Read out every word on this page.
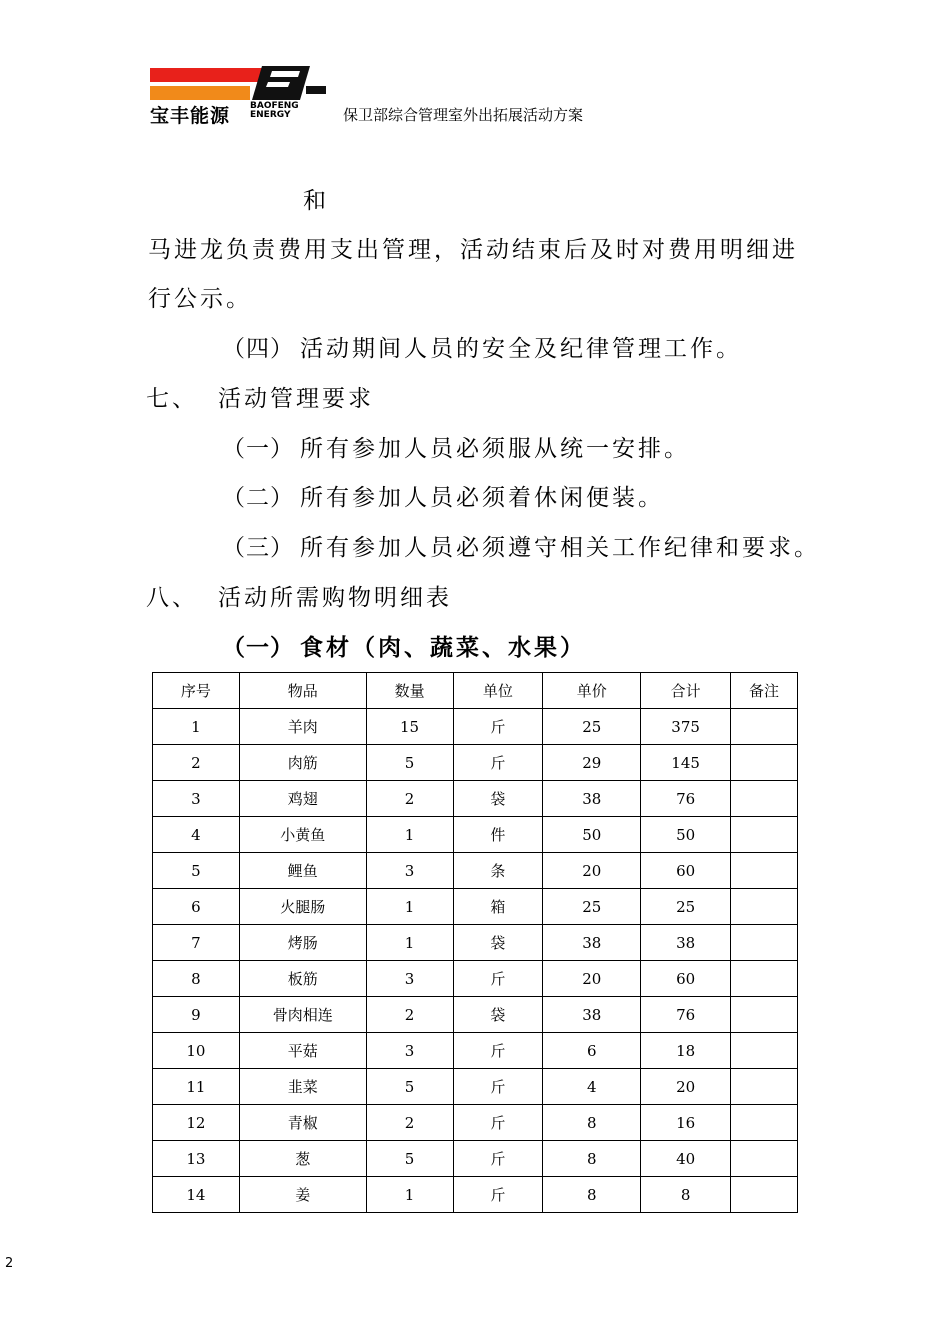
宝丰能源 BAOFENG
ENERGY	保卫部综合管理室外出拓展活动方案
和
马进龙负责费用支出管理，活动结束后及时对费用明细进
行公示。
（四） 活动期间人员的安全及纪律管理工作。
七、 活动管理要求
（一） 所有参加人员必须服从统一安排。
（二） 所有参加人员必须着休闲便装。
（三） 所有参加人员必须遵守相关工作纪律和要求。
八、 活动所需购物明细表
（一） 食材（肉、蔬菜、水果）
序号	物品	数量	单位	单价	合计	备注
1	羊肉	15	斤	25	375	
2	肉筋	5	斤	29	145	
3	鸡翅	2	袋	38	76	
4	小黄鱼	1	件	50	50	
5	鲤鱼	3	条	20	60	
6	火腿肠	1	箱	25	25	
7	烤肠	1	袋	38	38	
8	板筋	3	斤	20	60	
9	骨肉相连	2	袋	38	76	
10	平菇	3	斤	6	18	
11	韭菜	5	斤	4	20	
12	青椒	2	斤	8	16	
13	葱	5	斤	8	40	
14	姜	1	斤	8	8	
2
